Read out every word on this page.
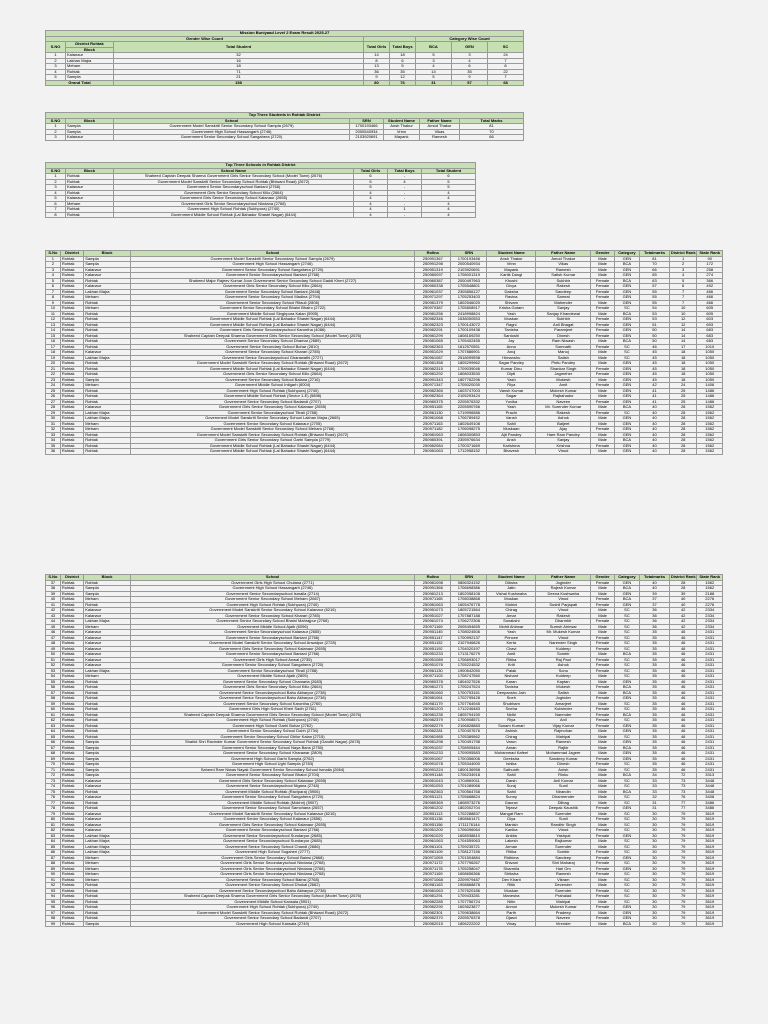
Mission Buniyaad Level 2 Exam Result 2025-27							
Gender Wise Count					Category Wise Count		
S.NO	District Rohtak	Total Student	Total Girls	Total Boys	BCA	GEN	SC
	Block						
1	Kalanaur	32	14	18	5	3	24
2	Lakhan Majra	16	8	6	3	4	7
3	Meham	18	13	5	4	6	8
4	Rohtak	71	36	35	14	35	22
5	Sampla	21	9	12	5	9	7
Grand Total		158	80	76	31	57	68
Top Three Students in Rohtak District						
S.NO	Block	School	SRN	Student Name	Father Name	Total Marks
1	Sampla	Government Model Sanskriti Senior Secondary School Sampla (2679)	1700193466	Ansh Thakur	Amod Thakur	81
2	Sampla	Government High School Hassangarh (2746)	2000540934	Vrinn	Vikas	70
3	Kalanaur	Government Senior Secondary School Sangahera (2720)	2103920691	Mayank	Ramesh	66
Top Three Schools in Rohtak District					
S.NO	Block	School Name	Total Girls	Total Boys	Total Student
1	Rohtak	Shaheed Captain Deepak Sharma Government Girls Senior Secondary School (Model Town) (2676)	6	-	6
2	Rohtak	Government Model Sanskriti Senior Secondary School Rohtak (Bhiwani Road) (2672)	5	4	5
3	Kalanaur	Government Senior Secondaryschool Baniani (2766)	5	-	5
4	Rohtak	Government Girls Senior Secondary School Kilio (2664)	4	-	4
5	Kalanaur	Government Girls Senior Secondary School Kalanaur (2655)	4	-	4
6	Meham	Government Girls Senior Secondaryschool Nindana (2768)	4	-	4
7	Rohtak	Government High School Rohtak (Sukhpura) (2740)	4	1	4
8	Rohtak	Government Middle School Rohtak (Lal Bahadur Shastri Nagar) (6444)	4	-	4
S.No	District	Block	School	Rollno	SRN	Student Name	Father Name	Gender	Category	Totalmarks	District Rank	State Rank
1	Rohtak	Sampla	Government Model Sanskriti Senior Secondary School Sampla (2679)	250991367	1700193466	Ansh Thakur	Amod Thakur	Male	GEN	81	1	90
2	Rohtak	Sampla	Government High School Hassangarh (2746)	250991298	2000540934	Vrinn	Vikas	Male	BCA	70	2	172
3	Rohtak	Kalanaur	Government Senior Secondary School Sangahera (2720)	250951319	2103920691	Mayank	Ramesh	Male	GEN	66	3	258
4	Rohtak	Kalanaur	Government Senior Secondaryschool Baniani (2766)	250980097	1708001319	Kartik Dangi	Satish Kumar	Male	GEN	65	4	274
5	Rohtak	Rohtak	Shaheed Major Rajeev Kumar Joon Government Senior Secondary School Gaddi Kheri (2727)	250980387	2000497963	Khushi	Sukhbir	Female	BCA	63	5	366
6	Rohtak	Kalanaur	Government Girls Senior Secondary School Kilio (2664)	250980338	1705548801	Divya	Rakesh	Female	GEN	57	6	492
7	Rohtak	Lakhan Majra	Government Senior Secondary School Baniani (2648)	250961037	2305856127	Daksha	Sandeep	Female	GEN	55	7	466
8	Rohtak	Meham	Government Senior Secondary School Madina (2794)	250971297	1705253403	Ravina	Samrat	Female	GEN	55	7	466
9	Rohtak	Rohtak	Government Senior Secondary School Ritauli (2806)	250981379	1802546020	Shivam	Mahender	Male	GEN	55	7	466
10	Rohtak	Meham	Government Senior Secondary School Bhaini Bhairo (2722)	250970387	1705808917	Krisha Gotam	Sanjay	Female	SC	54	10	605
11	Rohtak	Rohtak	Government Middle School Singhpura Kalan (5905)	250981256	2418998824	Yash	Sanjay Khandewal	Male	BCA	53	10	605
12	Rohtak	Rohtak	Government Middle School Rohtak (Lal Bahadur Shastri Nagar) (6444)	250982346	1638050553	Muskan	Sukhbir	Female	GEN	53	12	603
13	Rohtak	Rohtak	Government Middle School Rohtak (Lal Bahadur Shastri Nagar) (6444)	250982323	1700143072	Ragni	Anil Bhagat	Female	GEN	51	12	693
14	Rohtak	Rohtak	Government Girls Senior Secondaryschool Karontha (4086)	250982291	1700109438	Tanisha	Paramjeet	Female	GEN	50	14	683
15	Rohtak	Rohtak	Shaheed Captain Deepak Sharma Government Girls Senior Secondary School (Model Town) (2676)	250981299	1808169250	Santoshi	Dinesh	Female	GEN	50	14	683
16	Rohtak	Rohtak	Government Senior Secondary School Dhamar (2689)	250981065	1705402455	Jay	Ram Niwash	Male	BCA	50	14	683
17	Rohtak	Rohtak	Government Senior Secondary School Bohar (2810)	250982363	1612570551	Annu	Somnath	Female	SC	46	17	1010
18	Rohtak	Kalanaur	Government Senior Secondary School Kharari (2785)	250951029	1707886901	Anuj	Manoj	Male	SC	45	18	1050
19	Rohtak	Lakhan Majra	Government Senior Secondaryschool Gharawathi (2727)	250961087	2518099598	Himanshu	Satish	Male	SC	45	18	1050
20	Rohtak	Rohtak	Government Model Sanskriti Senior Secondary School Rohtak (Bhiwani Road) (2672)	250981358	1805299962	Sagar Pandey	Pintu Pandey	Male	GEN	45	18	1050
21	Rohtak	Rohtak	Government Middle School Rohtak (Lal Bahadur Shastri Nagar) (6444)	250982315	1709039046	Kumar Dixu	Shankar Singh	Female	GEN	45	18	1050
22	Rohtak	Rohtak	Government Girls Senior Secondary School Kilio (2664)	250981292	1808033530	Dipti	Jagmeher	Female	GEN	45	18	1050
23	Rohtak	Sampla	Government Senior Secondary School Balana (2716)	250991343	1807762296	Yash	Mukesh	Male	GEN	45	18	1050
24	Rohtak	Meham	Government Middle School Intigarh (6004)	250971347	1705020030	Riya	Amit	Female	GEN	42	24	1406
25	Rohtak	Rohtak	Government High School Rohtak (Sukhpura) (2740)	250982365	1603747003	Vansh Kumar	Mukesh Kumar	Male	GEN	41	25	1486
26	Rohtak	Rohtak	Government Middle School Rohtak (Sector 1-E) (5898)	250982364	2105293424	Sagar	Rajbahadur	Male	GEN	41	25	1486
27	Rohtak	Rohtak	Government Senior Secondary School Badandi (2707)	250980375	2205576332	Yuvika	Naveen	Female	GEN	41	25	1486
28	Rohtak	Kalanaur	Government Girls Senior Secondary School Kalanaur (2655)	250951165	2205590766	Yash	Mr. Surender Kumar	Male	BCA	40	28	1562
29	Rohtak	Lakhan Majra	Government Senior Secondaryschool Titrali (2788)	250961130	1719996586	Prachi	Rakesh	Female	SC	40	28	1562
30	Rohtak	Lakhan Majra	Government Model Sanskriti Senior Secondary School Lakhan Majra (2665)	250961068	1706789452	Vansh	Ashok	Male	GEN	40	28	1562
31	Rohtak	Meham	Government Senior Secondary School Kalanaur (2705)	250971163	1802649108	Sahil	Baljeet	Male	GEN	40	28	1562
32	Rohtak	Meham	Government Model Sanskriti Senior Secondary School Meham (2768)	250971182	1706098275	Muskaan	Ajay	Female	GEN	40	28	1562
33	Rohtak	Rohtak	Government Model Sanskriti Senior Secondary School Rohtak (Bhiwani Road) (2672)	250981063	1808300853	Ajit Pandey	Hare Ram Pandey	Male	GEN	40	28	1562
34	Rohtak	Rohtak	Government Girls Senior Secondary School Garhi Sampla (2779)	250980391	2305976634	Ansh	Sanjay	Male	BCA	40	28	1562
35	Rohtak	Rohtak	Government Middle School Rohtak (Lal Bahadur Shastri Nagar) (6444)	250982084	1700371669	Karishma	Krishna	Female	GEN	40	28	1562
36	Rohtak	Rohtak	Government Middle School Rohtak (Lal Bahadur Shastri Nagar) (6444)	250981063	1712958152	Bhavesh	Vinod	Male	GEN	40	28	1562
S.No	District	Block	School	Rollno	SRN	Student Name	Father Name	Gender	Category	Totalmarks	District Rank	State Rank
37	Rohtak	Rohtak	Government Girls High School Chulana (2771)	250981098	0806324152	Diksha	Joginder	Female	GEN	40	28	1562
38	Rohtak	Sampla	Government High School Hassangarh (2746)	250991366	1706698386	Jatin	Rajesh Kumar	Male	BCA	40	28	1562
39	Rohtak	Sampla	Government Senior Secondaryschool Ismaila (2714)	250981213	1802058108	Vishal Kushwaha	Deena Kushwaha	Male	GEN	39	39	2188
40	Rohtak	Meham	Government Senior Secondary School Meham (2667)	250971165	1708038868	Muskan	Vinod	Female	BCA	37	40	2276
41	Rohtak	Rohtak	Government High School Rohtak (Sukhpura) (2740)	250981063	1605476778	Mohini	Sushil Parjapati	Female	GEN	37	40	2276
42	Rohtak	Kalanaur	Government Model Sanskriti Senior Secondary School Kalanaur (6216)	250951073	1805721564	Chirag	Vinod	Male	SC	36	42	2334
43	Rohtak	Kalanaur	Government Senior Secondary School Kharari (2785)	250951027	1707887188	Amar	Rakesh	Male	SC	36	42	2334
44	Rohtak	Lakhan Majra	Government Senior Secondary School Bhaini Mahrajpur (2768)	250961074	1706272308	Sonakshi	Dharmbir	Female	SC	36	42	2334
45	Rohtak	Meham	Government Middle School Ajaib (6096)	250971169	2005494655	Mohit Ahirwar	Suresh Ahirwar	Male	SC	36	42	2334
46	Rohtak	Kalanaur	Government Senior Secondaryschool Kalanaur (2655)	250951145	1708024506	Yash	Mr. Mukesh Kumar	Male	SC	35	46	2431
47	Rohtak	Kalanaur	Government Senior Secondaryschool Baniani (2766)	250951147	1700992137	Princee	Vinod	Female	SC	35	46	2431
48	Rohtak	Kalanaur	Government Model Sanskriti Senior Secondary School Anwalpur (2728)	250951152	2107946826	Kerta	Narender Singh	Female	SC	35	46	2431
49	Rohtak	Kalanaur	Government Girls Senior Secondary School Kalanaur (2655)	250951192	1704020197	Chavi	Kuldeep	Female	SC	35	46	2431
50	Rohtak	Kalanaur	Government Senior Secondaryschool Baniani (2766)	250951233	1713176279	Amit	Sombir	Male	BCA	35	46	2431
51	Rohtak	Kalanaur	Government Girls High School Anwal (2735)	250951089	1706693017	Ritika	Raj Paul	Female	SC	35	46	2431
52	Rohtak	Kalanaur	Government Senior Secondary School Sangahera (2720)	250951076	1705224532	Kriti	Ashok	Female	SC	35	46	2431
53	Rohtak	Lakhan Majra	Government Senior Secondaryschool Titrali (2788)	250961130	1900642050	Palak	Sonu	Female	SC	35	46	2431
54	Rohtak	Meham	Government Middle School Ajaib (2805)	250971103	1708747560	Nishant	Kuldeep	Male	SC	35	46	2431
55	Rohtak	Rohtak	Government Senior Secondary School Chamaria (2683)	250980378	1804027526	Karan	Kaptan	Male	GEN	35	46	2431
56	Rohtak	Rohtak	Government Girls Senior Secondary School Kilio (2664)	250981273	1705247524	Tanisha	Mukesh	Female	BCA	35	46	2431
57	Rohtak	Rohtak	Government Senior Secondaryschool Bahu Akbarpur (2738)	250981060	1700753161	Deepanshu Jain	Satish	Male	BCA	35	46	2431
58	Rohtak	Rohtak	Government Senior Secondaryschool Bahu Akbarpur (2738)	250981061	1702795428	Sneh	Joginder	Female	GEN	35	46	2431
59	Rohtak	Rohtak	Government Senior Secondary School Karontha (2760)	250981179	1707764945	Shubham	Amarjeet	Male	SC	35	46	2431
60	Rohtak	Rohtak	Government Girls High School Kheri Sadh (2761)	250981203	1712246483	Sneha	Kulwinder	Female	SC	35	46	2431
61	Rohtak	Rohtak	Shaheed Captain Deepak Sharma Government Girls Senior Secondary School (Model Town) (2676)	250981235	1805794150	Nidhi	Narender	Female	BCA	35	46	2431
62	Rohtak	Rohtak	Government High School Rohtak (Sukhpura) (2740)	250982379	1700908571	Riya	Anil	Female	SC	35	46	2431
63	Rohtak	Rohtak	Government High School Garhi Bohar (2762)	250982279	2106828883	Sonam Kumari	Vijay Kumar	Female	GEN	35	46	2431
64	Rohtak	Rohtak	Government Senior Secondary School Dobh (2734)	250982281	1700407676	Ashish	Rajmohan	Male	GEN	35	46	2431
65	Rohtak	Rohtak	Government Senior Secondary School Ghilor Kalan (2715)	250981985	1705389562	Chirag	Mahipal	Male	SC	35	46	2431
66	Rohtak	Sampla	Shahid Shri Ravinder Kumar Government Senior Secondary School Rohtak (Gandhi Nagar) (2678)	250981298	1700491798	Varun	Ramesh	Male	GEN	35	46	2431
67	Rohtak	Sampla	Government Senior Secondary School Naya Bans (2750)	250991037	1708905464	Aman	Rajbir	Male	BCA	35	46	2431
68	Rohtak	Sampla	Government Senior Secondary School Kharawar (2809)	250991233	1709095583	Mohammad Kafeel	Mohammad Jageer	Male	GEN	35	46	2431
69	Rohtak	Sampla	Government High School Garhi Sampla (2762)	250991067	1700356006	Deeksha	Sandeep Kumar	Female	GEN	35	46	2431
70	Rohtak	Sampla	Government High School Ughi Sampla (2783)	250991078	1705344000	Ishika	Dinesh	Female	SC	35	46	2431
71	Rohtak	Sampla	Saheed Ram Niwas Nayak Government Senior Secondary School Ismaila (2664)	250991224	1800136958	Sathunth	Anish	Male	SC	35	46	2431
72	Rohtak	Sampla	Government Senior Secondary School Bhalot (2704)	250991148	1706234918	Sahil	Rinku	Male	BCA	34	72	3313
73	Rohtak	Kalanaur	Government Girls Senior Secondary School Kalanaur (2655)	250951043	1704969011	Darsh	Anil Kumar	Male	SC	33	73	3448
74	Rohtak	Kalanaur	Government Senior Secondaryschool Nigana (2748)	250951053	1701089066	Suraj	Sunil	Male	SC	33	73	3448
75	Rohtak	Rohtak	Government Middle School Rohtak (Ravipara) (5906)	250982363	1700564768	Sahil	Nirandin	Male	BCA	33	73	3448
76	Rohtak	Kalanaur	Government Senior Secondary School Sangahera (2720)	250951121	1705688824	Sunny	Dharmender	Male	SC	32	76	3408
77	Rohtak	Rohtak	Government Middle School Rohtak (Mokhri) (5907)	250980369	1808973276	Gaurav	Dilbag	Male	SC	31	77	3486
78	Rohtak	Rohtak	Government Senior Secondary School Samchana (2657)	250981202	1802002704	Tejasvi	Deepak Kaushik	Female	GEN	31	77	3486
79	Rohtak	Kalanaur	Government Model Sanskriti Senior Secondary School Kalanaur (6216)	250951113	1702288837	Mangat Ram	Surender	Male	SC	30	79	3619
80	Rohtak	Kalanaur	Government Senior Secondary School Kalanaur (2656)	250951136	1808661471	Diya	Sunil	Female	SC	30	79	3619
81	Rohtak	Kalanaur	Government Girls Senior Secondary School Kalanaur (2655)	250951156	1711176144	Manish	Randhir Singh	Male	SC	30	79	3619
82	Rohtak	Kalanaur	Government Senior Secondaryschool Baniani (2766)	250951200	1706096064	Kanika	Vinod	Female	SC	30	79	3619
83	Rohtak	Lakhan Majra	Government Senior Secondaryschool Sundarpur (2685)	250961020	1608938810	Ankita	Yashpal	Female	GEN	30	79	3619
84	Rohtak	Lakhan Majra	Government Senior Secondaryschool Sundarpur (2685)	250961063	1704559063	Lakesh	Rajkumar	Male	SC	30	79	3619
85	Rohtak	Lakhan Majra	Government Senior Secondary School Chandi (2686)	250961101	1709235721	Arman	Surender	Male	SC	30	79	3619
86	Rohtak	Lakhan Majra	Government High School Sugaheri (2777)	250961109	1708127156	Ritika	Sombir	Female	SC	30	79	3619
87	Rohtak	Meham	Government Girls Senior Secondary School Bainsi (2668)	250971059	1701504884	Ridhima	Sandeep	Female	GEN	30	79	3619
88	Rohtak	Meham	Government Girls Senior Secondaryschool Nindana (2768)	250971172	1707796267	Shivani	Shri Maharaj	Female	SC	30	79	3619
89	Rohtak	Meham	Government Girls Senior Secondaryschool Nindana (2768)	250971178	1705258047	Sharmila	Hari Om	Female	GEN	30	79	3619
90	Rohtak	Meham	Government Girls Senior Secondaryschool Nindana (2768)	250971169	1608656366	Shiksha	Ramesh	Female	SC	30	79	3619
91	Rohtak	Meham	Government Senior Secondary School Bainsi (2768)	250971068	2209979487	Dev Kharti	Vikram	Male	SC	30	79	3619
92	Rohtak	Rohtak	Government Senior Secondary School Dhokal (2662)	250981163	1908868878	Ritik	Devender	Male	SC	30	79	3619
93	Rohtak	Rohtak	Government Senior Secondaryschool Bahu Akbarpur (2738)	250981063	1707620186	Muskan	Surender	Female	SC	30	79	3619
94	Rohtak	Rohtak	Shaheed Captain Deepak Sharma Government Girls Senior Secondary School (Model Town) (2676)	250981291	1709433281	Manesha	Prahalad	Female	SC	30	79	3619
95	Rohtak	Rohtak	Government Middle School Kansala (5901)	250982285	1707756724	Nitin	Mahipal	Male	SC	30	79	3619
96	Rohtak	Rohtak	Government High School Rohtak (Sukhpura) (2740)	250982290	1603623877	Anmol	Mukesh Kumar	Female	GEN	30	79	3619
97	Rohtak	Rohtak	Government Model Sanskriti Senior Secondary School Rohtak (Bhiwani Road) (2672)	250982301	1709638664	Parth	Pradeep	Male	GEN	30	79	3619
98	Rohtak	Rohtak	Government Senior Secondary School Badandi (2707)	250982370	2205576378	Ojasvi	Naveen	Female	GEN	30	79	3619
99	Rohtak	Sampla	Government High School Kansala (2749)	250982015	1806222202	Vinay	Virender	Male	BCA	30	79	3619
